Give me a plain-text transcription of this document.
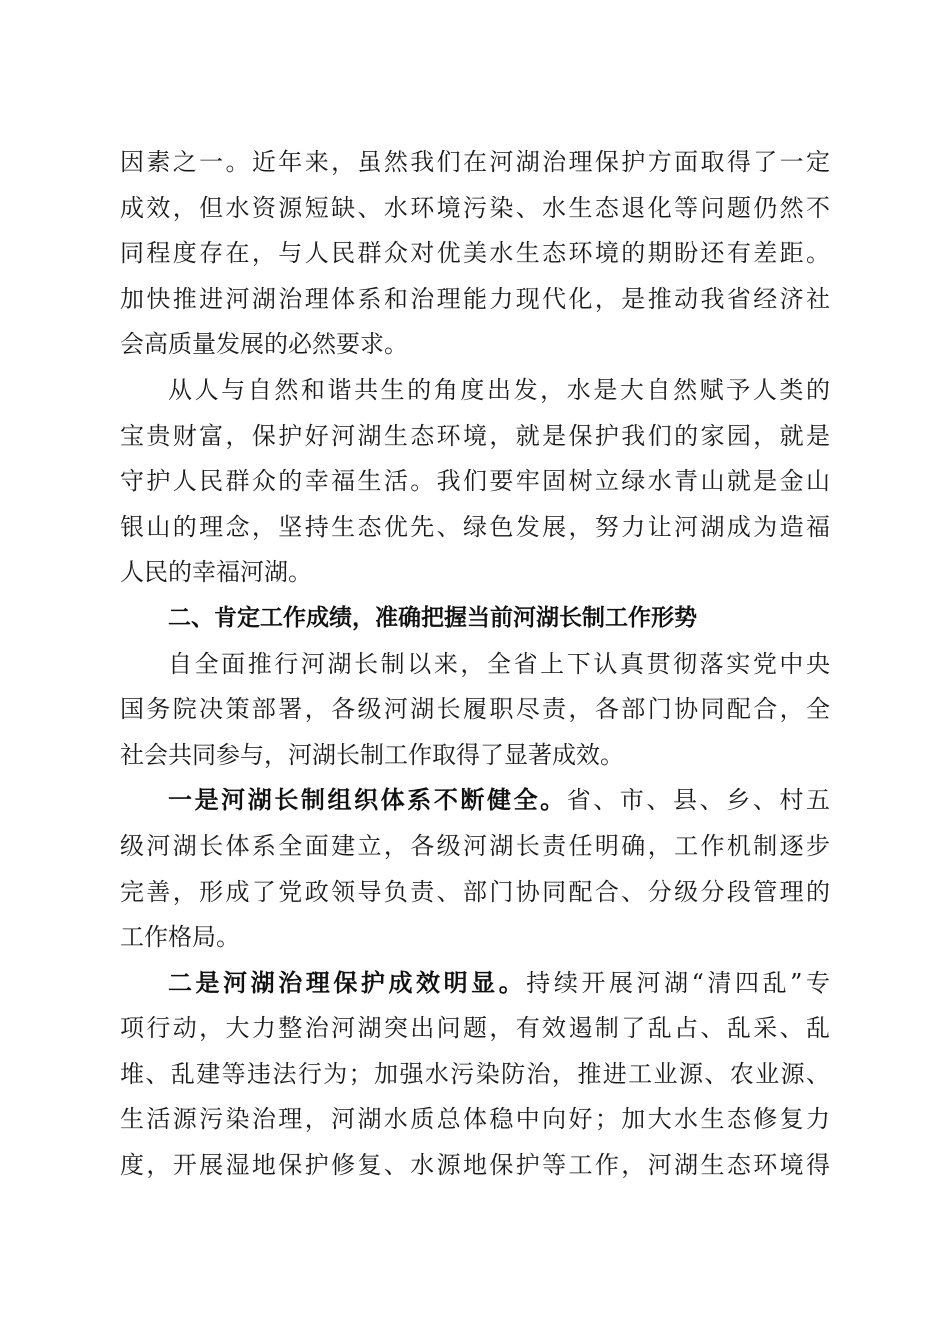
因素之一。近年来，虽然我们在河湖治理保护方面取得了一定
成效，但水资源短缺、水环境污染、水生态退化等问题仍然不
同程度存在，与人民群众对优美水生态环境的期盼还有差距。
加快推进河湖治理体系和治理能力现代化，是推动我省经济社
会高质量发展的必然要求。
从人与自然和谐共生的角度出发，水是大自然赋予人类的
宝贵财富，保护好河湖生态环境，就是保护我们的家园，就是
守护人民群众的幸福生活。我们要牢固树立绿水青山就是金山
银山的理念，坚持生态优先、绿色发展，努力让河湖成为造福
人民的幸福河湖。
二、肯定工作成绩，准确把握当前河湖长制工作形势
自全面推行河湖长制以来，全省上下认真贯彻落实党中央
国务院决策部署，各级河湖长履职尽责，各部门协同配合，全
社会共同参与，河湖长制工作取得了显著成效。
一是河湖长制组织体系不断健全。省、市、县、乡、村五
级河湖长体系全面建立，各级河湖长责任明确，工作机制逐步
完善，形成了党政领导负责、部门协同配合、分级分段管理的
工作格局。
二是河湖治理保护成效明显。持续开展河湖“清四乱”专
项行动，大力整治河湖突出问题，有效遏制了乱占、乱采、乱
堆、乱建等违法行为；加强水污染防治，推进工业源、农业源、
生活源污染治理，河湖水质总体稳中向好；加大水生态修复力
度，开展湿地保护修复、水源地保护等工作，河湖生态环境得
